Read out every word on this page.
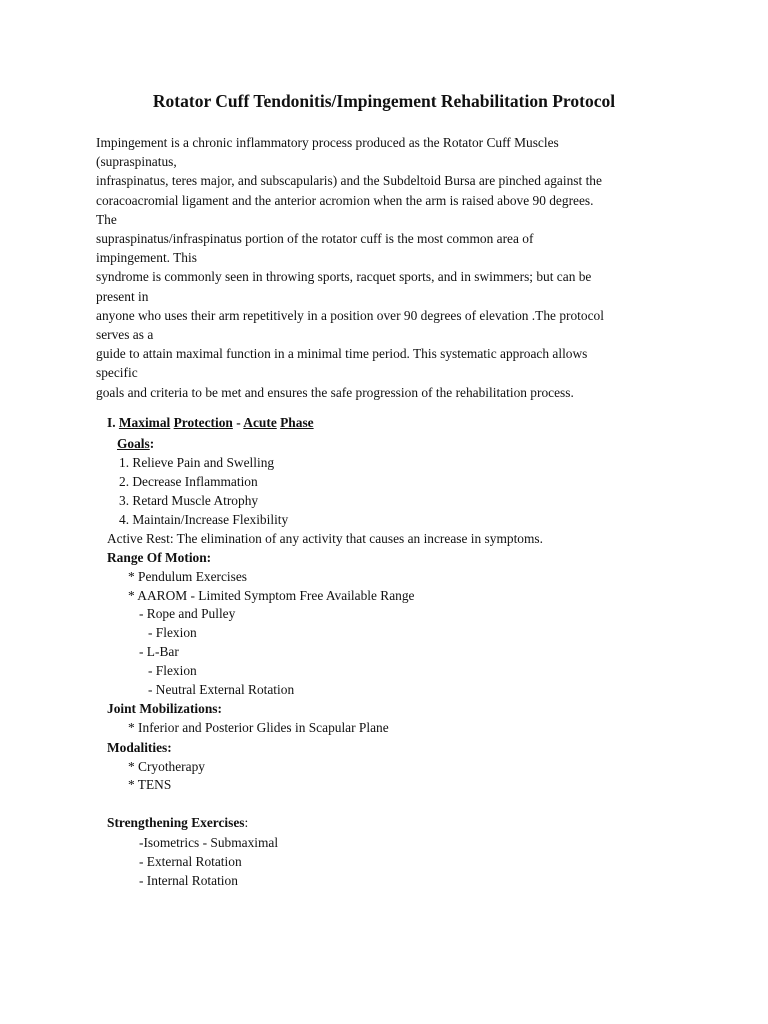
Rotator Cuff Tendonitis/Impingement Rehabilitation Protocol
Impingement is a chronic inflammatory process produced as the Rotator Cuff Muscles
(supraspinatus,
infraspinatus, teres major, and subscapularis) and the Subdeltoid Bursa are pinched against the
coracoacromial ligament and the anterior acromion when the arm is raised above 90 degrees.
The
supraspinatus/infraspinatus portion of the rotator cuff is the most common area of
impingement. This
syndrome is commonly seen in throwing sports, racquet sports, and in swimmers; but can be
present in
anyone who uses their arm repetitively in a position over 90 degrees of elevation .The protocol
serves as a
guide to attain maximal function in a minimal time period. This systematic approach allows
specific
goals and criteria to be met and ensures the safe progression of the rehabilitation process.
I. Maximal Protection - Acute Phase
Goals:
1. Relieve Pain and Swelling
2. Decrease Inflammation
3. Retard Muscle Atrophy
4. Maintain/Increase Flexibility
Active Rest: The elimination of any activity that causes an increase in symptoms.
Range Of Motion:
* Pendulum Exercises
* AAROM - Limited Symptom Free Available Range
- Rope and Pulley
- Flexion
- L-Bar
- Flexion
- Neutral External Rotation
Joint Mobilizations:
* Inferior and Posterior Glides in Scapular Plane
Modalities:
* Cryotherapy
* TENS
Strengthening Exercises:
-Isometrics - Submaximal
- External Rotation
- Internal Rotation
